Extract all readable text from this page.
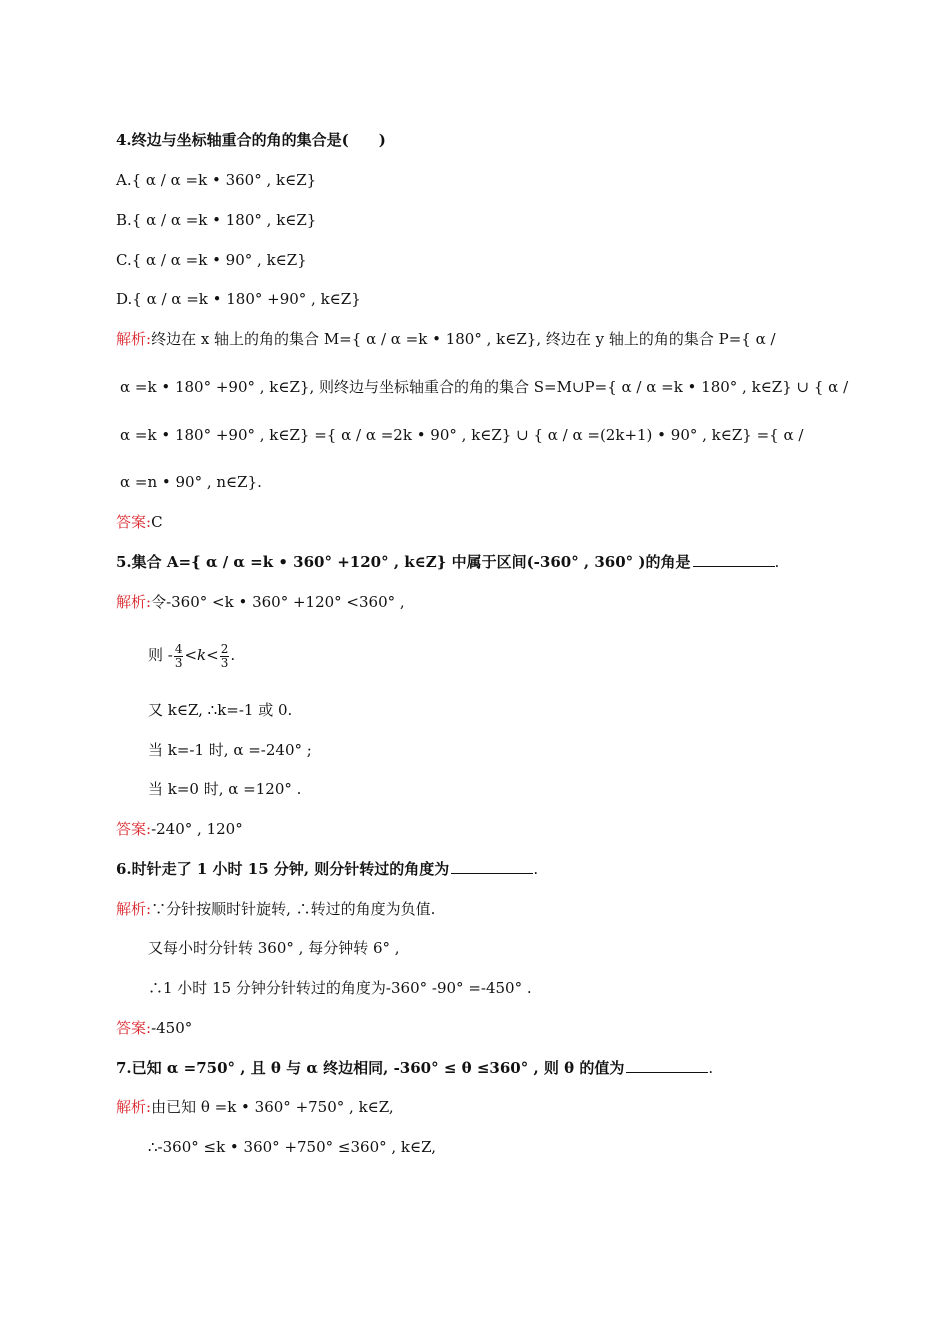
4.终边与坐标轴重合的角的集合是(　　)
A.{ α / α =k • 360° , k∈Z}
B.{ α / α =k • 180° , k∈Z}
C.{ α / α =k • 90° , k∈Z}
D.{ α / α =k • 180° +90° , k∈Z}
解析:终边在 x 轴上的角的集合 M={ α / α =k • 180° , k∈Z}, 终边在 y 轴上的角的集合 P={ α /
α =k • 180° +90° , k∈Z}, 则终边与坐标轴重合的角的集合 S=M∪P={ α / α =k • 180° , k∈Z} ∪ { α /
α =k • 180° +90° , k∈Z} ={ α / α =2k • 90° , k∈Z} ∪ { α / α =(2k+1) • 90° , k∈Z} ={ α /
α =n • 90° , n∈Z}.
答案:C
5.集合 A={ α / α =k • 360° +120° , k∈Z} 中属于区间(-360° , 360° )的角是	.
解析:令-360° <k • 360° +120° <360° ,
则 - $\frac{4}{3} <k< \frac{2}{3}$ .
又 k∈Z, ∴k=-1 或 0.
当 k=-1 时, α =-240° ;
当 k=0 时, α =120° .
答案:-240° , 120°
6.时针走了 1 小时 15 分钟, 则分针转过的角度为	.
解析:∵分针按顺时针旋转, ∴转过的角度为负值.
又每小时分针转 360° , 每分钟转 6° ,
∴1 小时 15 分钟分针转过的角度为-360° -90° =-450° .
答案:-450°
7.已知 α =750° , 且 θ 与 α 终边相同, -360° ≤ θ ≤360° , 则 θ 的值为	.
解析:由已知 θ =k • 360° +750° , k∈Z,
∴-360° ≤k • 360° +750° ≤360° , k∈Z,
